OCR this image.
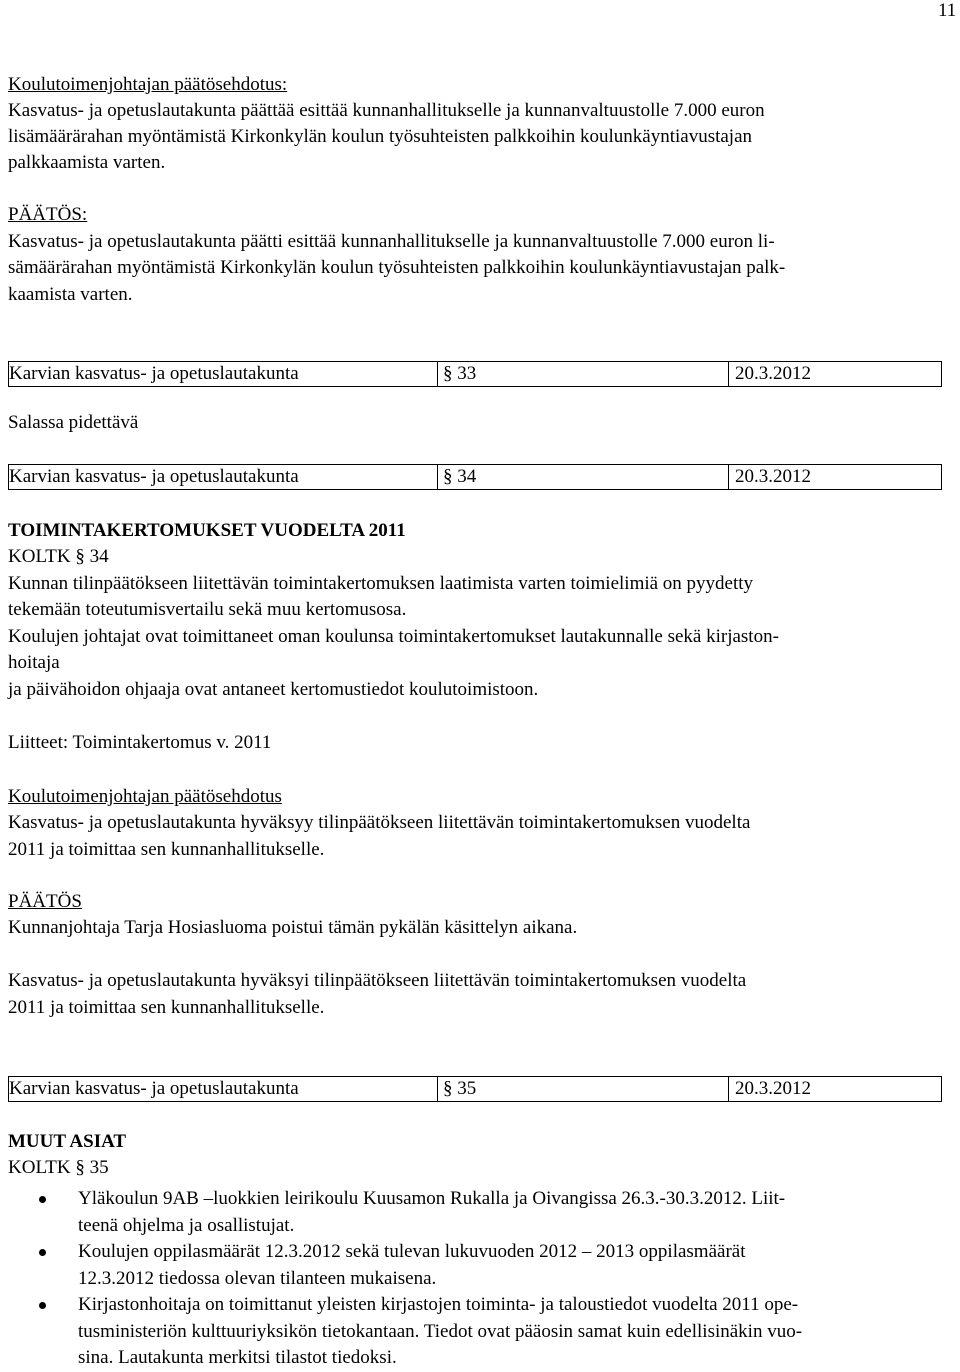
11
Koulutoimenjohtajan päätösehdotus:
Kasvatus- ja opetuslautakunta päättää esittää kunnanhallitukselle ja kunnanvaltuustolle 7.000 euron
lisämäärärahan myöntämistä Kirkonkylän koulun työsuhteisten palkkoihin koulunkäyntiavustajan
palkkaamista varten.
PÄÄTÖS:
Kasvatus- ja opetuslautakunta päätti esittää kunnanhallitukselle ja kunnanvaltuustolle 7.000 euron li-
sämäärärahan myöntämistä Kirkonkylän koulun työsuhteisten palkkoihin koulunkäyntiavustajan palk-
kaamista varten.
Karvian kasvatus- ja opetuslautakunta	§ 33	20.3.2012
Salassa pidettävä
Karvian kasvatus- ja opetuslautakunta	§ 34	20.3.2012
TOIMINTAKERTOMUKSET VUODELTA 2011
KOLTK § 34
Kunnan tilinpäätökseen liitettävän toimintakertomuksen laatimista varten toimielimiä on pyydetty
tekemään toteutumisvertailu sekä muu kertomusosa.
Koulujen johtajat ovat toimittaneet oman koulunsa toimintakertomukset lautakunnalle sekä kirjaston-
hoitaja
ja päivähoidon ohjaaja ovat antaneet kertomustiedot koulutoimistoon.
Liitteet: Toimintakertomus v. 2011
Koulutoimenjohtajan päätösehdotus
Kasvatus- ja opetuslautakunta hyväksyy tilinpäätökseen liitettävän toimintakertomuksen vuodelta
2011 ja toimittaa sen kunnanhallitukselle.
PÄÄTÖS
Kunnanjohtaja Tarja Hosiasluoma poistui tämän pykälän käsittelyn aikana.
Kasvatus- ja opetuslautakunta hyväksyi tilinpäätökseen liitettävän toimintakertomuksen vuodelta
2011 ja toimittaa sen kunnanhallitukselle.
Karvian kasvatus- ja opetuslautakunta	§ 35	20.3.2012
MUUT ASIAT
KOLTK § 35
Yläkoulun 9AB –luokkien leirikoulu Kuusamon Rukalla ja Oivangissa 26.3.-30.3.2012. Liit-
teenä ohjelma ja osallistujat.
Koulujen oppilasmäärät 12.3.2012 sekä tulevan lukuvuoden 2012 – 2013 oppilasmäärät
12.3.2012 tiedossa olevan tilanteen mukaisena.
Kirjastonhoitaja on toimittanut yleisten kirjastojen toiminta- ja taloustiedot vuodelta 2011 ope-
tusministeriön kulttuuriyksikön tietokantaan. Tiedot ovat pääosin samat kuin edellisinäkin vuo-
sina. Lautakunta merkitsi tilastot tiedoksi.
